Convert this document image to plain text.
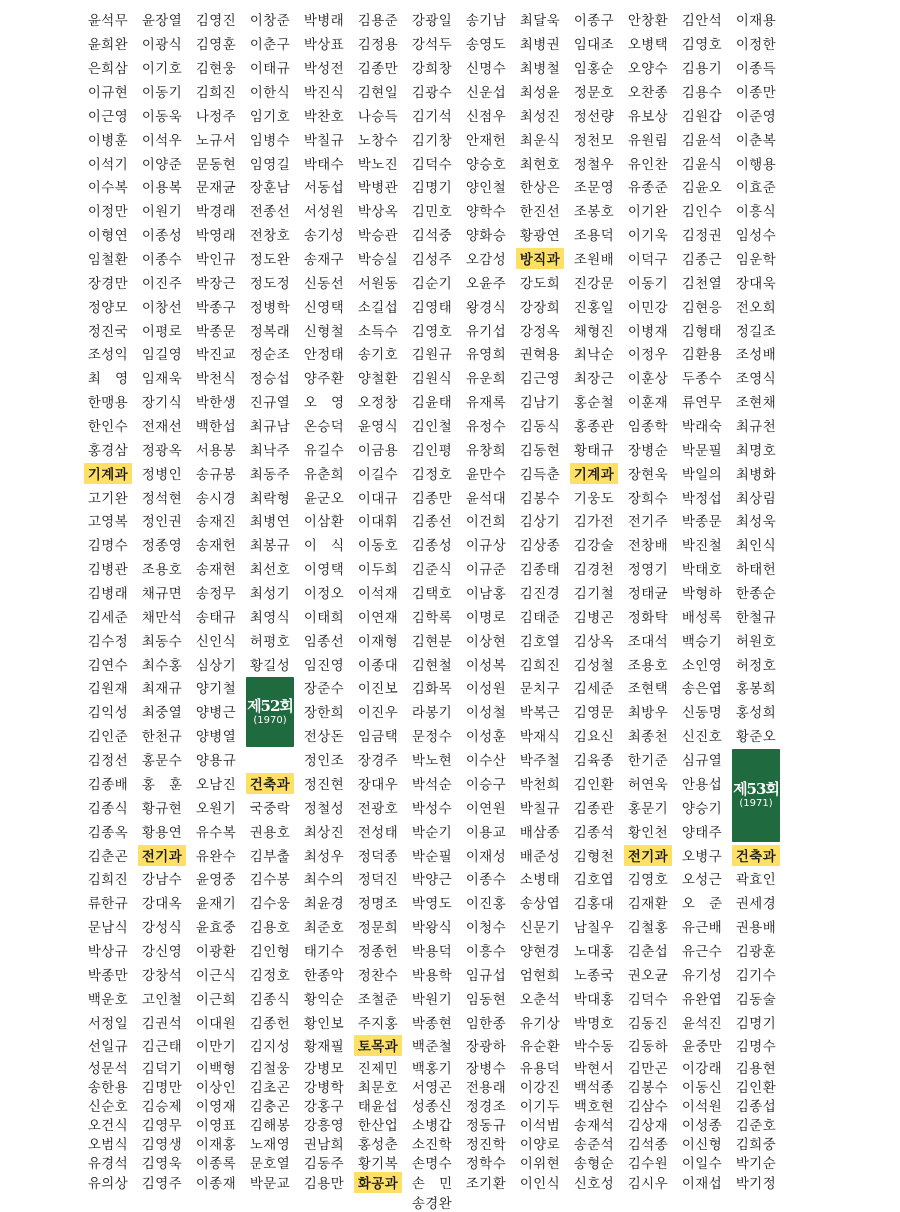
제52회
(1970)
제53회
(1971)
윤석무
윤희완
은희삼
이규현
이근영
이병훈
이석기
이수복
이정만
이형연
임철환
장경만
정양모
정진국
조성익
최 영
한맹용
한인수
홍경삼
기계과
고기완
고영복
김명수
김병관
김병래
김세준
김수정
김연수
김원재
김익성
김인준
김정선
김종배
김종식
김종옥
김춘곤
김희진
류한규
문남식
박상규
박종만
백운호
서정일
선일규
성문석
송한용
신순호
오건식
오범식
유경석
유의상
윤장열
이광식
이기호
이동기
이동욱
이석우
이양준
이용복
이원기
이종성
이종수
이진주
이창선
이평로
임길영
임재욱
장기식
전재선
정광옥
정병인
정석현
정인권
정종영
조용호
채규면
채만석
최동수
최수홍
최재규
최중열
한천규
홍문수
홍 훈
황규현
황용연
전기과
강남수
강대옥
강성식
강신영
강창석
고인철
김권석
김근태
김덕기
김명만
김승제
김영무
김영생
김영욱
김영주
김영진
김영훈
김현웅
김희진
나정주
노규서
문동현
문재균
박경래
박영래
박인규
박장근
박종구
박종문
박진교
박천식
박한생
백한섭
서용봉
송규봉
송시경
송재진
송재헌
송재현
송정무
송태규
신인식
심상기
양기철
양병근
양병열
양용규
오남진
오원기
유수복
유완수
윤영중
윤재기
윤효중
이광환
이근식
이근희
이대원
이만기
이백형
이상인
이영재
이영표
이재홍
이종록
이종재
이창준
이춘구
이태규
이한식
임기호
임병수
임영길
장훈남
전종선
전창호
정도완
정도정
정병학
정복래
정순조
정승섭
진규열
최규남
최낙주
최동주
최락형
최병연
최봉규
최선호
최성기
최영식
허평호
황길성
건축과
국중락
권용호
김부출
김수봉
김수웅
김용호
김인형
김정호
김종식
김종헌
김지성
김철웅
김초곤
김충곤
김해봉
노재영
문호열
박문교
박병래
박상표
박성전
박진식
박찬호
박칠규
박태수
서동섭
서성원
송기성
송재구
신동선
신영택
신형철
안정태
양주환
오 영
온승덕
유길수
유춘희
윤군오
이삼환
이 식
이영택
이정오
이태희
임종선
임진영
장준수
장한희
전상돈
정인조
정진현
정철성
최상진
최성우
최수의
최윤경
최준호
태기수
한종악
황익순
황인보
황재필
강병모
강병학
강홍구
강흥영
권남희
김동주
김용만
김용준
김정용
김종만
김현일
나승득
노창수
박노진
박병관
박상옥
박승관
박승실
서원동
소길섭
소득수
송기호
양철환
오정창
윤영식
이금용
이길수
이대규
이대휘
이동호
이두희
이석재
이연재
이재형
이종대
이진보
이진우
임금택
장경주
장대우
전광호
전성태
정덕종
정덕진
정명조
정문희
정종헌
정찬수
조철준
주지홍
토목과
진제민
최문호
태윤섭
한산업
홍성춘
황기복
화공과
강광일
강석두
강희창
김광수
김기석
김기창
김덕수
김명기
김민호
김석중
김성주
김순기
김영태
김영호
김원규
김원식
김윤태
김인철
김인평
김정호
김종만
김종선
김종성
김준식
김택호
김학록
김현분
김현철
김화목
라봉기
문정수
박노현
박석순
박성수
박순기
박순필
박양근
박영도
박왕식
박용덕
박용학
박원기
박종현
백준철
백홍기
서영곤
성종신
소병갑
소진학
손명수
손 민
송경완
송기남
송영도
신명수
신운섭
신점우
안재헌
양승호
양인철
양학수
양화승
오감성
오윤주
왕경식
유기섭
유영희
유운희
유재록
유정수
유창희
윤만수
윤석대
이건희
이규상
이규준
이남홍
이명로
이상현
이성복
이성원
이성철
이성훈
이수산
이승구
이연원
이용교
이재성
이종수
이진홍
이청수
이흥수
임규섭
임동현
임한종
장광하
장병수
전용래
정경조
정동규
정진학
정학수
조기환
최달욱
최병권
최병철
최성윤
최성진
최운식
최현호
한상은
한진선
황광연
방직과
강도희
강장희
강정옥
권혁용
김근영
김남기
김동식
김동현
김득춘
김봉수
김상기
김상종
김종태
김진경
김태준
김호열
김희진
문치구
박복근
박재식
박주철
박천희
박칠규
배삼종
배준성
소병태
송상엽
신문기
양현경
엄현희
오춘석
유기상
유순환
유용덕
이강진
이기두
이석범
이양로
이위현
이인식
이종구
임대조
임홍순
정문호
정선량
정천모
정철우
조문영
조봉호
조용덕
조원배
진강문
진홍일
채형진
최낙순
최장근
홍순철
홍종관
황태규
기계과
기웅도
김가전
김강술
김경천
김기철
김병곤
김상옥
김성철
김세준
김영문
김요신
김육종
김인환
김종관
김종석
김형천
김호엽
김홍대
남칠우
노대홍
노종국
박대홍
박명호
박수동
박현서
백석종
백호현
송재석
송준석
송형순
신호성
안창환
오병택
오양수
오찬종
유보상
유원림
유인찬
유종준
이기완
이기욱
이덕구
이동기
이민강
이병재
이정우
이훈상
이훈재
임종학
장병순
장현욱
장희수
전기주
전창배
정영기
정태균
정화탁
조대석
조용호
조현택
최방우
최종천
한기준
허연욱
홍문기
황인천
전기과
김영호
김재환
김철홍
김춘섭
권오균
김덕수
김동진
김동하
김만곤
김봉수
김삼수
김상재
김석종
김수원
김시우
김안석
김영호
김용기
김용수
김원갑
김윤석
김윤식
김윤오
김인수
김정권
김종근
김천열
김현응
김형태
김환용
두종수
류연무
박래숙
박문필
박일의
박정섭
박종문
박진철
박태호
박형하
배성록
백승기
소인영
송은엽
신동명
신진호
심규열
안용섭
양승기
양태주
오병구
오성근
오 준
유근배
유근수
유기성
유완엽
윤석진
윤중만
이강래
이동신
이석원
이성종
이신형
이일수
이재섭
이재용
이정한
이종득
이종만
이준영
이춘복
이행용
이효준
이흥식
임성수
임운학
장대욱
전오희
정길조
조성배
조영식
조현채
최규천
최명호
최병화
최상림
최성욱
최인식
하태헌
한종순
한철규
허원호
허정호
홍봉희
홍성희
황준오
건축과
곽효인
권세경
권용배
김광훈
김기수
김동술
김명기
김명수
김용현
김인환
김종섭
김준호
김희중
박기순
박기정
